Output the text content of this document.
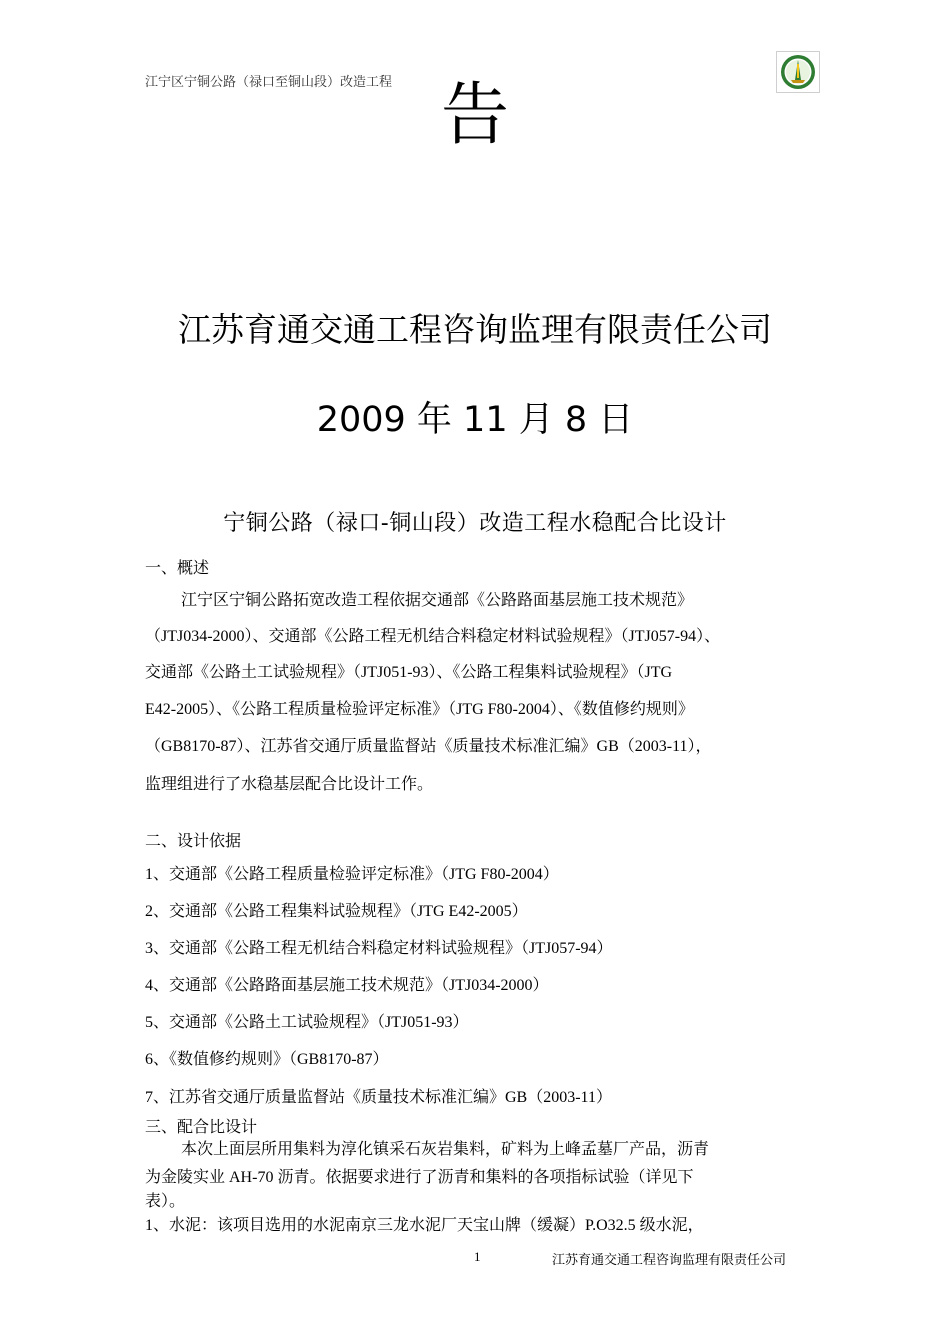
江宁区宁铜公路（禄口至铜山段）改造工程 告
江苏育通交通工程咨询监理有限责任公司
2009 年 11 月 8 日
宁铜公路（禄口-铜山段）改造工程水稳配合比设计
一、概述
江宁区宁铜公路拓宽改造工程依据交通部《公路路面基层施工技术规范》
（JTJ034-2000）、交通部《公路工程无机结合料稳定材料试验规程》（JTJ057-94）、
交通部《公路土工试验规程》（JTJ051-93）、《公路工程集料试验规程》（JTG
E42-2005）、《公路工程质量检验评定标准》（JTG F80-2004）、《数值修约规则》
（GB8170-87）、江苏省交通厅质量监督站《质量技术标准汇编》GB（2003-11），
监理组进行了水稳基层配合比设计工作。
二、设计依据
1、交通部《公路工程质量检验评定标准》（JTG F80-2004）
2、交通部《公路工程集料试验规程》（JTG E42-2005）
3、交通部《公路工程无机结合料稳定材料试验规程》（JTJ057-94）
4、交通部《公路路面基层施工技术规范》（JTJ034-2000）
5、交通部《公路土工试验规程》（JTJ051-93）
6、《数值修约规则》（GB8170-87）
7、江苏省交通厅质量监督站《质量技术标准汇编》GB（2003-11）
三、配合比设计
本次上面层所用集料为淳化镇采石灰岩集料，矿料为上峰孟墓厂产品，沥青
为金陵实业 AH-70 沥青。依据要求进行了沥青和集料的各项指标试验（详见下
表）。
1、水泥：该项目选用的水泥南京三龙水泥厂天宝山牌（缓凝）P.O32.5 级水泥，
1	江苏育通交通工程咨询监理有限责任公司
